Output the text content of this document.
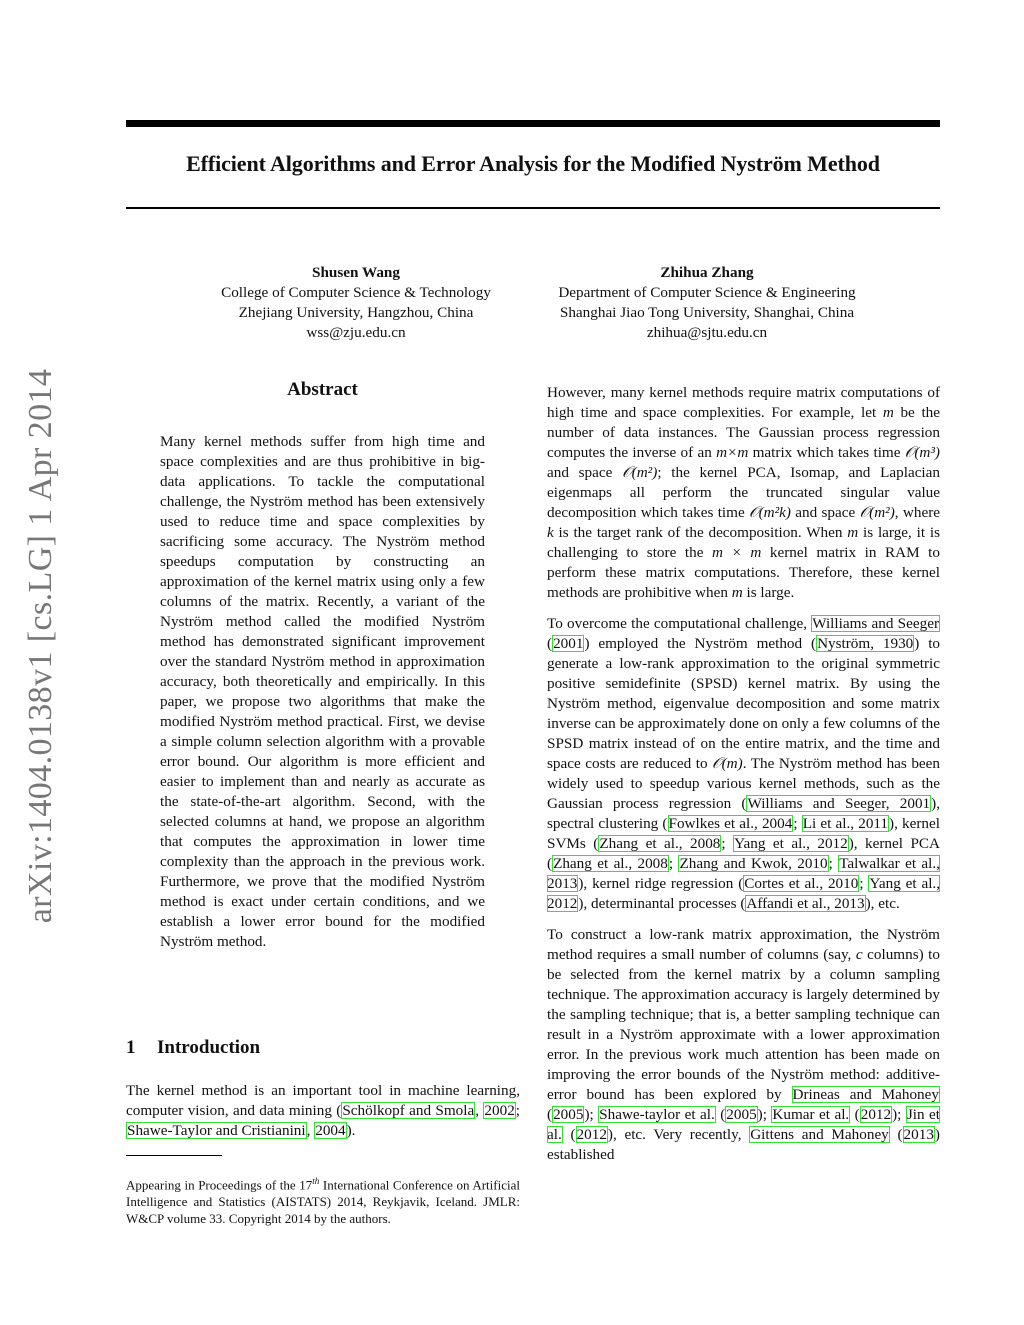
Efficient Algorithms and Error Analysis for the Modified Nyström Method
Shusen Wang
College of Computer Science & Technology
Zhejiang University, Hangzhou, China
wss@zju.edu.cn
Zhihua Zhang
Department of Computer Science & Engineering
Shanghai Jiao Tong University, Shanghai, China
zhihua@sjtu.edu.cn
arXiv:1404.0138v1 [cs.LG] 1 Apr 2014	Abstract

Many kernel methods suffer from high time and space complexities and are thus prohibitive in big-data applications. To tackle the computational challenge, the Nyström method has been extensively used to reduce time and space complexities by sacrificing some accuracy. The Nyström method speedups computation by constructing an approximation of the kernel matrix using only a few columns of the matrix. Recently, a variant of the Nyström method called the modified Nyström method has demonstrated significant improvement over the standard Nyström method in approximation accuracy, both theoretically and empirically. In this paper, we propose two algorithms that make the modified Nyström method practical. First, we devise a simple column selection algorithm with a provable error bound. Our algorithm is more efficient and easier to implement than and nearly as accurate as the state-of-the-art algorithm. Second, with the selected columns at hand, we propose an algorithm that computes the approximation in lower time complexity than the approach in the previous work. Furthermore, we prove that the modified Nyström method is exact under certain conditions, and we establish a lower error bound for the modified Nyström method.

1 Introduction

The kernel method is an important tool in machine learning, computer vision, and data mining (Schölkopf and Smola, 2002; Shawe-Taylor and Cristianini, 2004).

Appearing in Proceedings of the 17th International Conference on Artificial Intelligence and Statistics (AISTATS) 2014, Reykjavik, Iceland. JMLR: W&CP volume 33. Copyright 2014 by the authors.

However, many kernel methods require matrix computations of high time and space complexities. For example, let m be the number of data instances. The Gaussian process regression computes the inverse of an m×m matrix which takes time 𝒪(m³) and space 𝒪(m²); the kernel PCA, Isomap, and Laplacian eigenmaps all perform the truncated singular value decomposition which takes time 𝒪(m²k) and space 𝒪(m²), where k is the target rank of the decomposition. When m is large, it is challenging to store the m × m kernel matrix in RAM to perform these matrix computations. Therefore, these kernel methods are prohibitive when m is large.

To overcome the computational challenge, Williams and Seeger (2001) employed the Nyström method (Nyström, 1930) to generate a low-rank approximation to the original symmetric positive semidefinite (SPSD) kernel matrix. By using the Nyström method, eigenvalue decomposition and some matrix inverse can be approximately done on only a few columns of the SPSD matrix instead of on the entire matrix, and the time and space costs are reduced to 𝒪(m). The Nyström method has been widely used to speedup various kernel methods, such as the Gaussian process regression (Williams and Seeger, 2001), spectral clustering (Fowlkes et al., 2004; Li et al., 2011), kernel SVMs (Zhang et al., 2008; Yang et al., 2012), kernel PCA (Zhang et al., 2008; Zhang and Kwok, 2010; Talwalkar et al., 2013), kernel ridge regression (Cortes et al., 2010; Yang et al., 2012), determinantal processes (Affandi et al., 2013), etc.

To construct a low-rank matrix approximation, the Nyström method requires a small number of columns (say, c columns) to be selected from the kernel matrix by a column sampling technique. The approximation accuracy is largely determined by the sampling technique; that is, a better sampling technique can result in a Nyström approximate with a lower approximation error. In the previous work much attention has been made on improving the error bounds of the Nyström method: additive-error bound has been explored by Drineas and Mahoney (2005); Shawe-taylor et al. (2005); Kumar et al. (2012); Jin et al. (2012), etc. Very recently, Gittens and Mahoney (2013) established
